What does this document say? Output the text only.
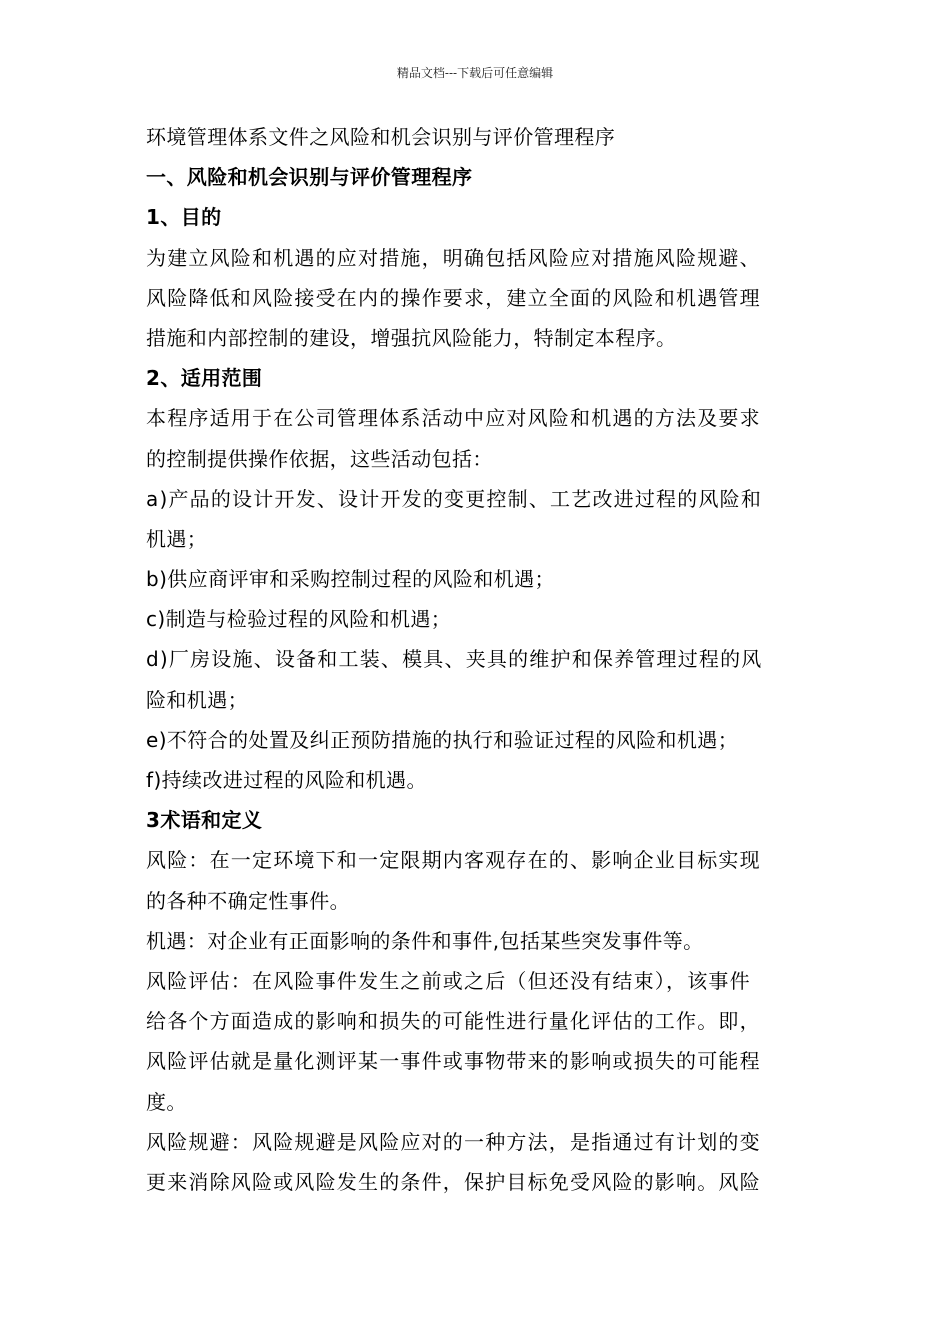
精品文档---下载后可任意编辑
环境管理体系文件之风险和机会识别与评价管理程序
一、风险和机会识别与评价管理程序
1、目的
为建立风险和机遇的应对措施，明确包括风险应对措施风险规避、
风险降低和风险接受在内的操作要求，建立全面的风险和机遇管理
措施和内部控制的建设，增强抗风险能力，特制定本程序。
2、适用范围
本程序适用于在公司管理体系活动中应对风险和机遇的方法及要求
的控制提供操作依据，这些活动包括：
a)产品的设计开发、设计开发的变更控制、工艺改进过程的风险和
机遇；
b)供应商评审和采购控制过程的风险和机遇；
c)制造与检验过程的风险和机遇；
d)厂房设施、设备和工装、模具、夹具的维护和保养管理过程的风
险和机遇；
e)不符合的处置及纠正预防措施的执行和验证过程的风险和机遇；
f)持续改进过程的风险和机遇。
3术语和定义
风险：在一定环境下和一定限期内客观存在的、影响企业目标实现
的各种不确定性事件。
机遇：对企业有正面影响的条件和事件,包括某些突发事件等。
风险评估：在风险事件发生之前或之后（但还没有结束），该事件
给各个方面造成的影响和损失的可能性进行量化评估的工作。即，
风险评估就是量化测评某一事件或事物带来的影响或损失的可能程
度。
风险规避：风险规避是风险应对的一种方法，是指通过有计划的变
更来消除风险或风险发生的条件，保护目标免受风险的影响。风险
